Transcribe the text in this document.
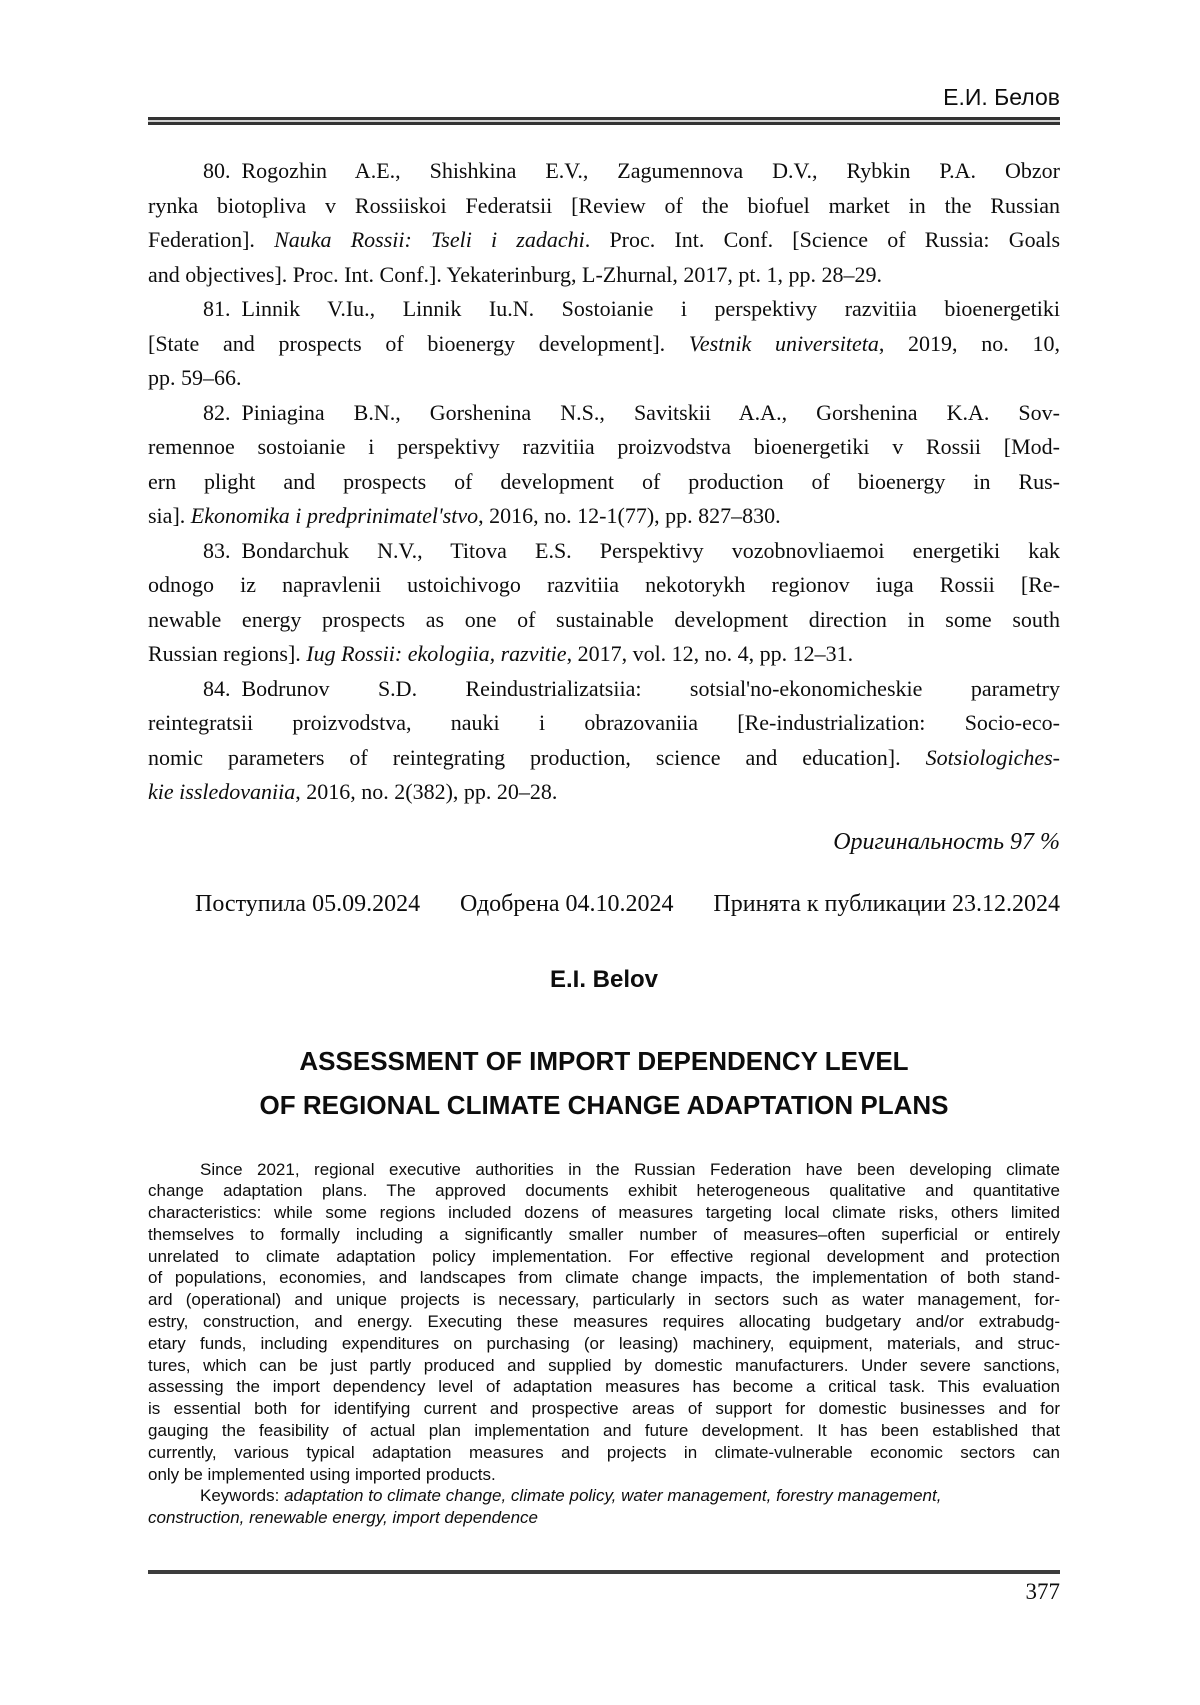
Е.И. Белов
80. Rogozhin A.E., Shishkina E.V., Zagumennova D.V., Rybkin P.A. Obzor
rynka biotopliva v Rossiiskoi Federatsii [Review of the biofuel market in the Russian
Federation]. Nauka Rossii: Tseli i zadachi. Proc. Int. Conf. [Science of Russia: Goals
and objectives]. Proc. Int. Conf.]. Yekaterinburg, L-Zhurnal, 2017, pt. 1, pp. 28–29.
81. Linnik V.Iu., Linnik Iu.N. Sostoianie i perspektivy razvitiia bioenergetiki
[State and prospects of bioenergy development]. Vestnik universiteta, 2019, no. 10,
pp. 59–66.
82. Piniagina B.N., Gorshenina N.S., Savitskii A.A., Gorshenina K.A. Sov-
remennoe sostoianie i perspektivy razvitiia proizvodstva bioenergetiki v Rossii [Mod-
ern plight and prospects of development of production of bioenergy in Rus-
sia]. Ekonomika i predprinimatel'stvo, 2016, no. 12-1(77), pp. 827–830.
83. Bondarchuk N.V., Titova E.S. Perspektivy vozobnovliaemoi energetiki kak
odnogo iz napravlenii ustoichivogo razvitiia nekotorykh regionov iuga Rossii [Re-
newable energy prospects as one of sustainable development direction in some south
Russian regions]. Iug Rossii: ekologiia, razvitie, 2017, vol. 12, no. 4, pp. 12–31.
84. Bodrunov S.D. Reindustrializatsiia: sotsial'no-ekonomicheskie parametry
reintegratsii proizvodstva, nauki i obrazovaniia [Re-industrialization: Socio-eco-
nomic parameters of reintegrating production, science and education]. Sotsiologiches-
kie issledovaniia, 2016, no. 2(382), pp. 20–28.
Оригинальность 97 %
Поступила 05.09.2024 Одобрена 04.10.2024 Принята к публикации 23.12.2024
E.I. Belov
ASSESSMENT OF IMPORT DEPENDENCY LEVEL
OF REGIONAL CLIMATE CHANGE ADAPTATION PLANS
Since 2021, regional executive authorities in the Russian Federation have been developing climate
change adaptation plans. The approved documents exhibit heterogeneous qualitative and quantitative
characteristics: while some regions included dozens of measures targeting local climate risks, others limited
themselves to formally including a significantly smaller number of measures–often superficial or entirely
unrelated to climate adaptation policy implementation. For effective regional development and protection
of populations, economies, and landscapes from climate change impacts, the implementation of both stand-
ard (operational) and unique projects is necessary, particularly in sectors such as water management, for-
estry, construction, and energy. Executing these measures requires allocating budgetary and/or extrabudg-
etary funds, including expenditures on purchasing (or leasing) machinery, equipment, materials, and struc-
tures, which can be just partly produced and supplied by domestic manufacturers. Under severe sanctions,
assessing the import dependency level of adaptation measures has become a critical task. This evaluation
is essential both for identifying current and prospective areas of support for domestic businesses and for
gauging the feasibility of actual plan implementation and future development. It has been established that
currently, various typical adaptation measures and projects in climate-vulnerable economic sectors can
only be implemented using imported products.
Keywords: adaptation to climate change, climate policy, water management, forestry management,
construction, renewable energy, import dependence
377
